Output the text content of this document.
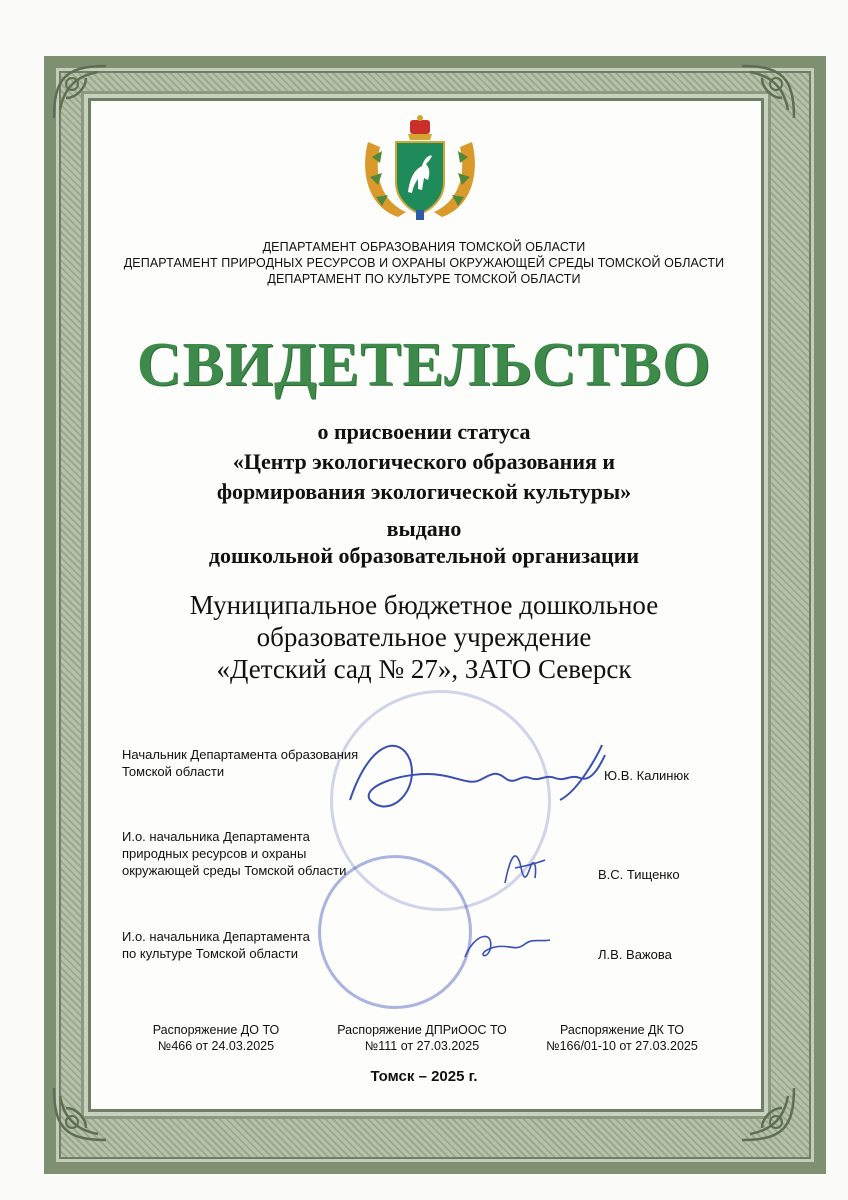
ДЕПАРТАМЕНТ ОБРАЗОВАНИЯ ТОМСКОЙ ОБЛАСТИ
ДЕПАРТАМЕНТ ПРИРОДНЫХ РЕСУРСОВ И ОХРАНЫ ОКРУЖАЮЩЕЙ СРЕДЫ ТОМСКОЙ ОБЛАСТИ
ДЕПАРТАМЕНТ ПО КУЛЬТУРЕ ТОМСКОЙ ОБЛАСТИ
СВИДЕТЕЛЬСТВО
о присвоении статуса
«Центр экологического образования и
формирования экологической культуры»
выдано
дошкольной образовательной организации
Муниципальное бюджетное дошкольное
образовательное учреждение
«Детский сад № 27», ЗАТО Северск
Начальник Департамента образования
Томской области	Ю.В. Калинюк
И.о. начальника Департамента
природных ресурсов и охраны
окружающей среды Томской области	В.С. Тищенко
И.о. начальника Департамента
по культуре Томской области	Л.В. Важова
Распоряжение ДО ТО
№466 от 24.03.2025
Распоряжение ДПРиООС ТО
№111 от 27.03.2025
Распоряжение ДК ТО
№166/01-10 от 27.03.2025
Томск – 2025 г.
